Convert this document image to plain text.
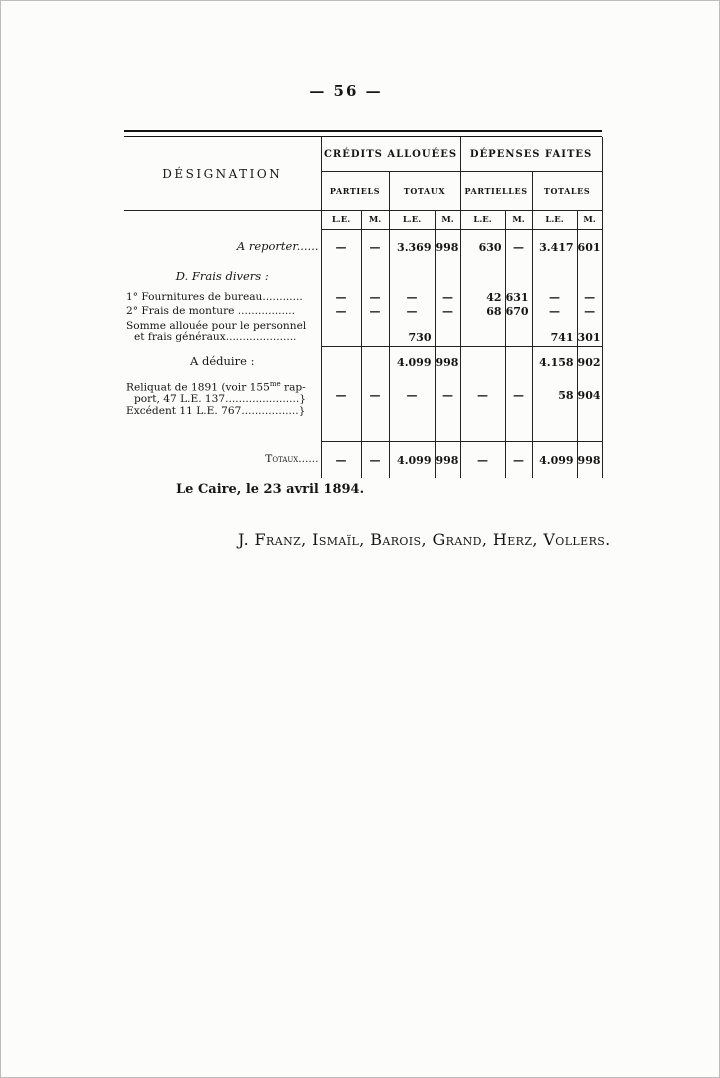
— 56 —
DÉSIGNATION	CRÉDITS ALLOUÉES				DÉPENSES FAITES			
	PARTIELS		TOTAUX		PARTIELLES		TOTALES	
	L.E.	M.	L.E.	M.	L.E.	M.	L.E.	M.
A reporter......	—	—	3.369	998	630	—	3.417	601
D. Frais divers :								
1° Fournitures de bureau............	—	—	—	—	42	631	—	—
2° Frais de monture .................	—	—	—	—	68	670	—	—

Somme allouée pour le personnel
et frais généraux.....................			730				741	301
A déduire :			4.099	998			4.158	902

Reliquat de 1891 (voir $155^{me}$ rap-
port, 47 L.E. 137......................}
Excédent 11 L.E. 767.................}	—	—	—	—	—	—	58	904
Totaux......	—	—	4.099	998	—	—	4.099	998
Le Caire, le 23 avril 1894.
J. Franz, Ismaïl, Barois, Grand, Herz, Vollers.
